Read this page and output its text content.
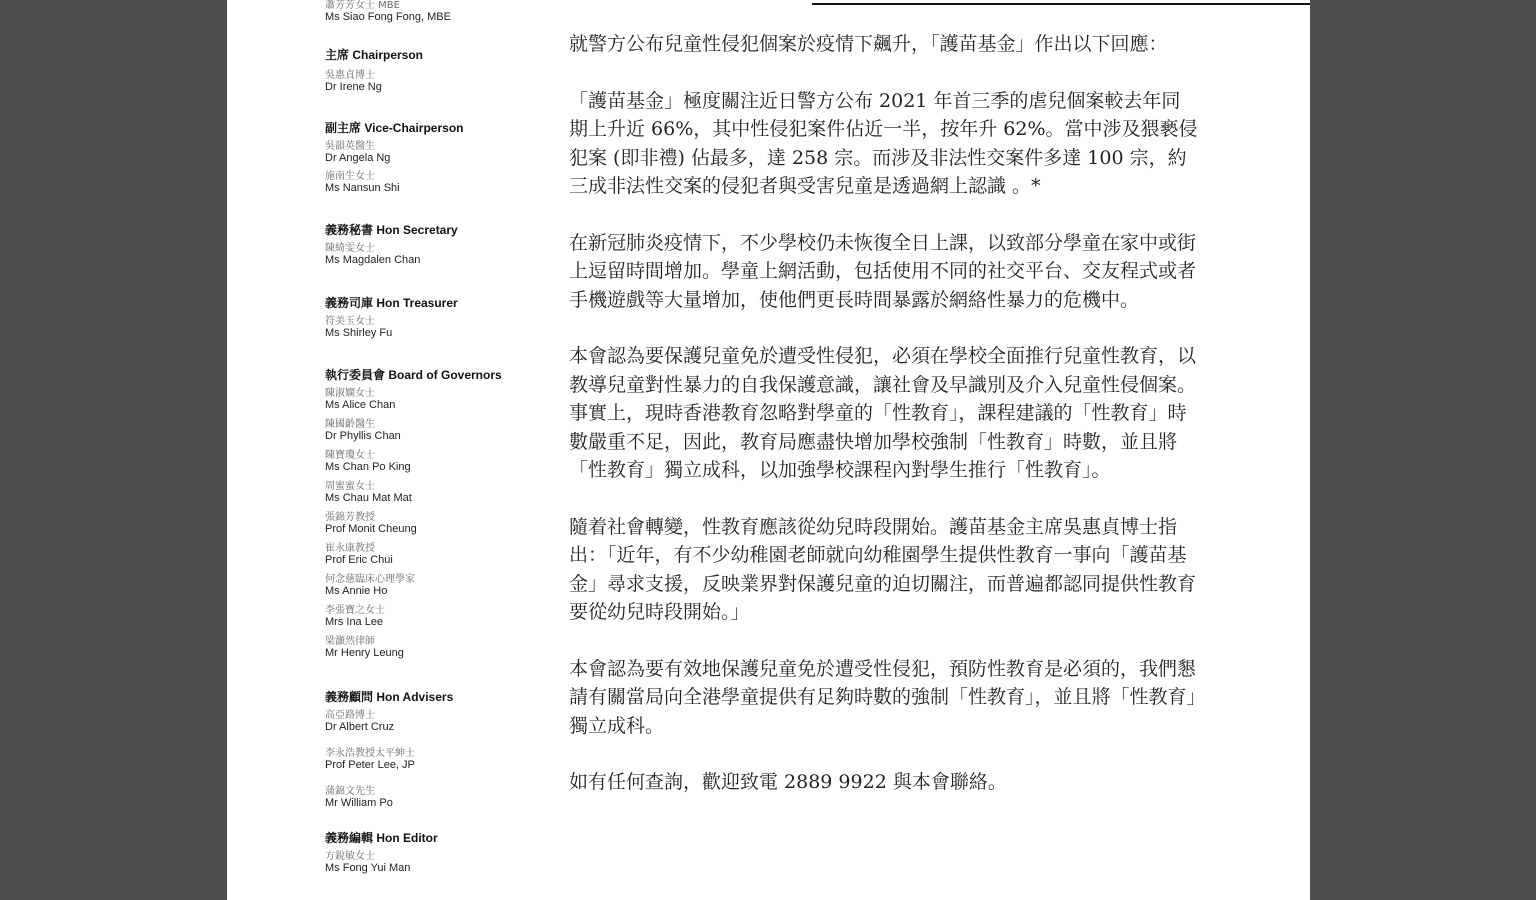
蕭芳芳女士 MBE
Ms Siao Fong Fong, MBE
主席 Chairperson
吳惠貞博士
Dr Irene Ng
副主席 Vice-Chairperson
吳韻英醫生
Dr Angela Ng
施南生女士
Ms Nansun Shi
義務秘書 Hon Secretary
陳綺雯女士
Ms Magdalen Chan
義務司庫 Hon Treasurer
符美玉女士
Ms Shirley Fu
執行委員會 Board of Governors
陳淑嫻女士
Ms Alice Chan
陳國齡醫生
Dr Phyllis Chan
陳寶瓊女士
Ms Chan Po King
周蜜蜜女士
Ms Chau Mat Mat
張錦芳教授
Prof Monit Cheung
崔永康教授
Prof Eric Chui
何念慈臨床心理學家
Ms Annie Ho
李張寶之女士
Mrs Ina Lee
梁灝然律師
Mr Henry Leung
義務顧問 Hon Advisers
高亞路博士
Dr Albert Cruz
李永浩教授太平紳士
Prof Peter Lee, JP
蒲錦文先生
Mr William Po
義務編輯 Hon Editor
方銳敏女士
Ms Fong Yui Man

就警方公布兒童性侵犯個案於疫情下飆升，「護苗基金」作出以下回應：

「護苗基金」極度關注近日警方公布 2021 年首三季的虐兒個案較去年同期上升近 66%，其中性侵犯案件佔近一半，按年升 62%。當中涉及猥褻侵犯案 (即非禮) 佔最多，達 258 宗。而涉及非法性交案件多達 100 宗，約三成非法性交案的侵犯者與受害兒童是透過網上認識 。*

在新冠肺炎疫情下，不少學校仍未恢復全日上課，以致部分學童在家中或街上逗留時間增加。學童上網活動，包括使用不同的社交平台、交友程式或者手機遊戲等大量增加，使他們更長時間暴露於網絡性暴力的危機中。

本會認為要保護兒童免於遭受性侵犯，必須在學校全面推行兒童性教育，以教導兒童對性暴力的自我保護意識，讓社會及早識別及介入兒童性侵個案。事實上，現時香港教育忽略對學童的「性教育」，課程建議的「性教育」時數嚴重不足，因此，教育局應盡快增加學校強制「性教育」時數，並且將「性教育」獨立成科，以加強學校課程內對學生推行「性教育」。

隨着社會轉變，性教育應該從幼兒時段開始。護苗基金主席吳惠貞博士指出：「近年，有不少幼稚園老師就向幼稚園學生提供性教育一事向「護苗基金」尋求支援，反映業界對保護兒童的迫切關注，而普遍都認同提供性教育要從幼兒時段開始。」

本會認為要有效地保護兒童免於遭受性侵犯，預防性教育是必須的，我們懇請有關當局向全港學童提供有足夠時數的強制「性教育」，並且將「性教育」獨立成科。

如有任何查詢，歡迎致電 2889 9922 與本會聯絡。
